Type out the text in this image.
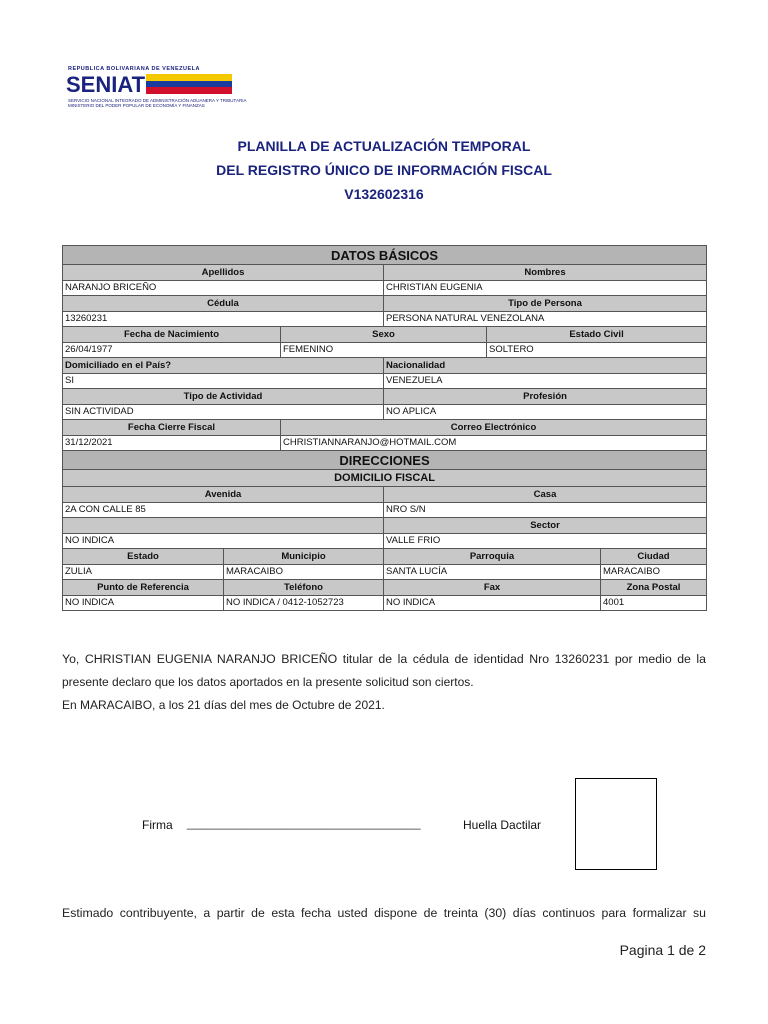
REPUBLICA BOLIVARIANA DE VENEZUELA
SENIAT
SERVICIO NACIONAL INTEGRADO DE ADMINISTRACIÓN ADUANERA Y TRIBUTARIA
MINISTERIO DEL PODER POPULAR DE ECONOMÍA Y FINANZAS
PLANILLA DE ACTUALIZACIÓN TEMPORAL
DEL REGISTRO ÚNICO DE INFORMACIÓN FISCAL
V132602316
DATOS BÁSICOS					
Apellidos			Nombres		
NARANJO BRICEÑO			CHRISTIAN EUGENIA		
Cédula			Tipo de Persona		
13260231			PERSONA NATURAL VENEZOLANA		
Fecha de Nacimiento		Sexo		Estado Civil	
26/04/1977		FEMENINO		SOLTERO	
Domiciliado en el País?			Nacionalidad		
SI			VENEZUELA		
Tipo de Actividad			Profesión		
SIN ACTIVIDAD			NO APLICA		
Fecha Cierre Fiscal		Correo Electrónico			
31/12/2021		CHRISTIANNARANJO@HOTMAIL.COM			
DIRECCIONES					
DOMICILIO FISCAL					
Avenida			Casa		
2A CON CALLE 85			NRO S/N		
			Sector		
NO INDICA			VALLE FRIO		
Estado	Municipio		Parroquia		Ciudad
ZULIA	MARACAIBO		SANTA LUCÍA		MARACAIBO
Punto de Referencia	Teléfono		Fax		Zona Postal
NO INDICA	NO INDICA / 0412-1052723		NO INDICA		4001
Yo, CHRISTIAN EUGENIA NARANJO BRICEÑO titular de la cédula de identidad Nro 13260231 por medio de la
presente declaro que los datos aportados en la presente solicitud son ciertos.
En MARACAIBO, a los 21 días del mes de Octubre de 2021.
Firma ___________________________________	Huella Dactilar
Estimado contribuyente, a partir de esta fecha usted dispone de treinta (30) días continuos para formalizar su
Pagina 1 de 2
